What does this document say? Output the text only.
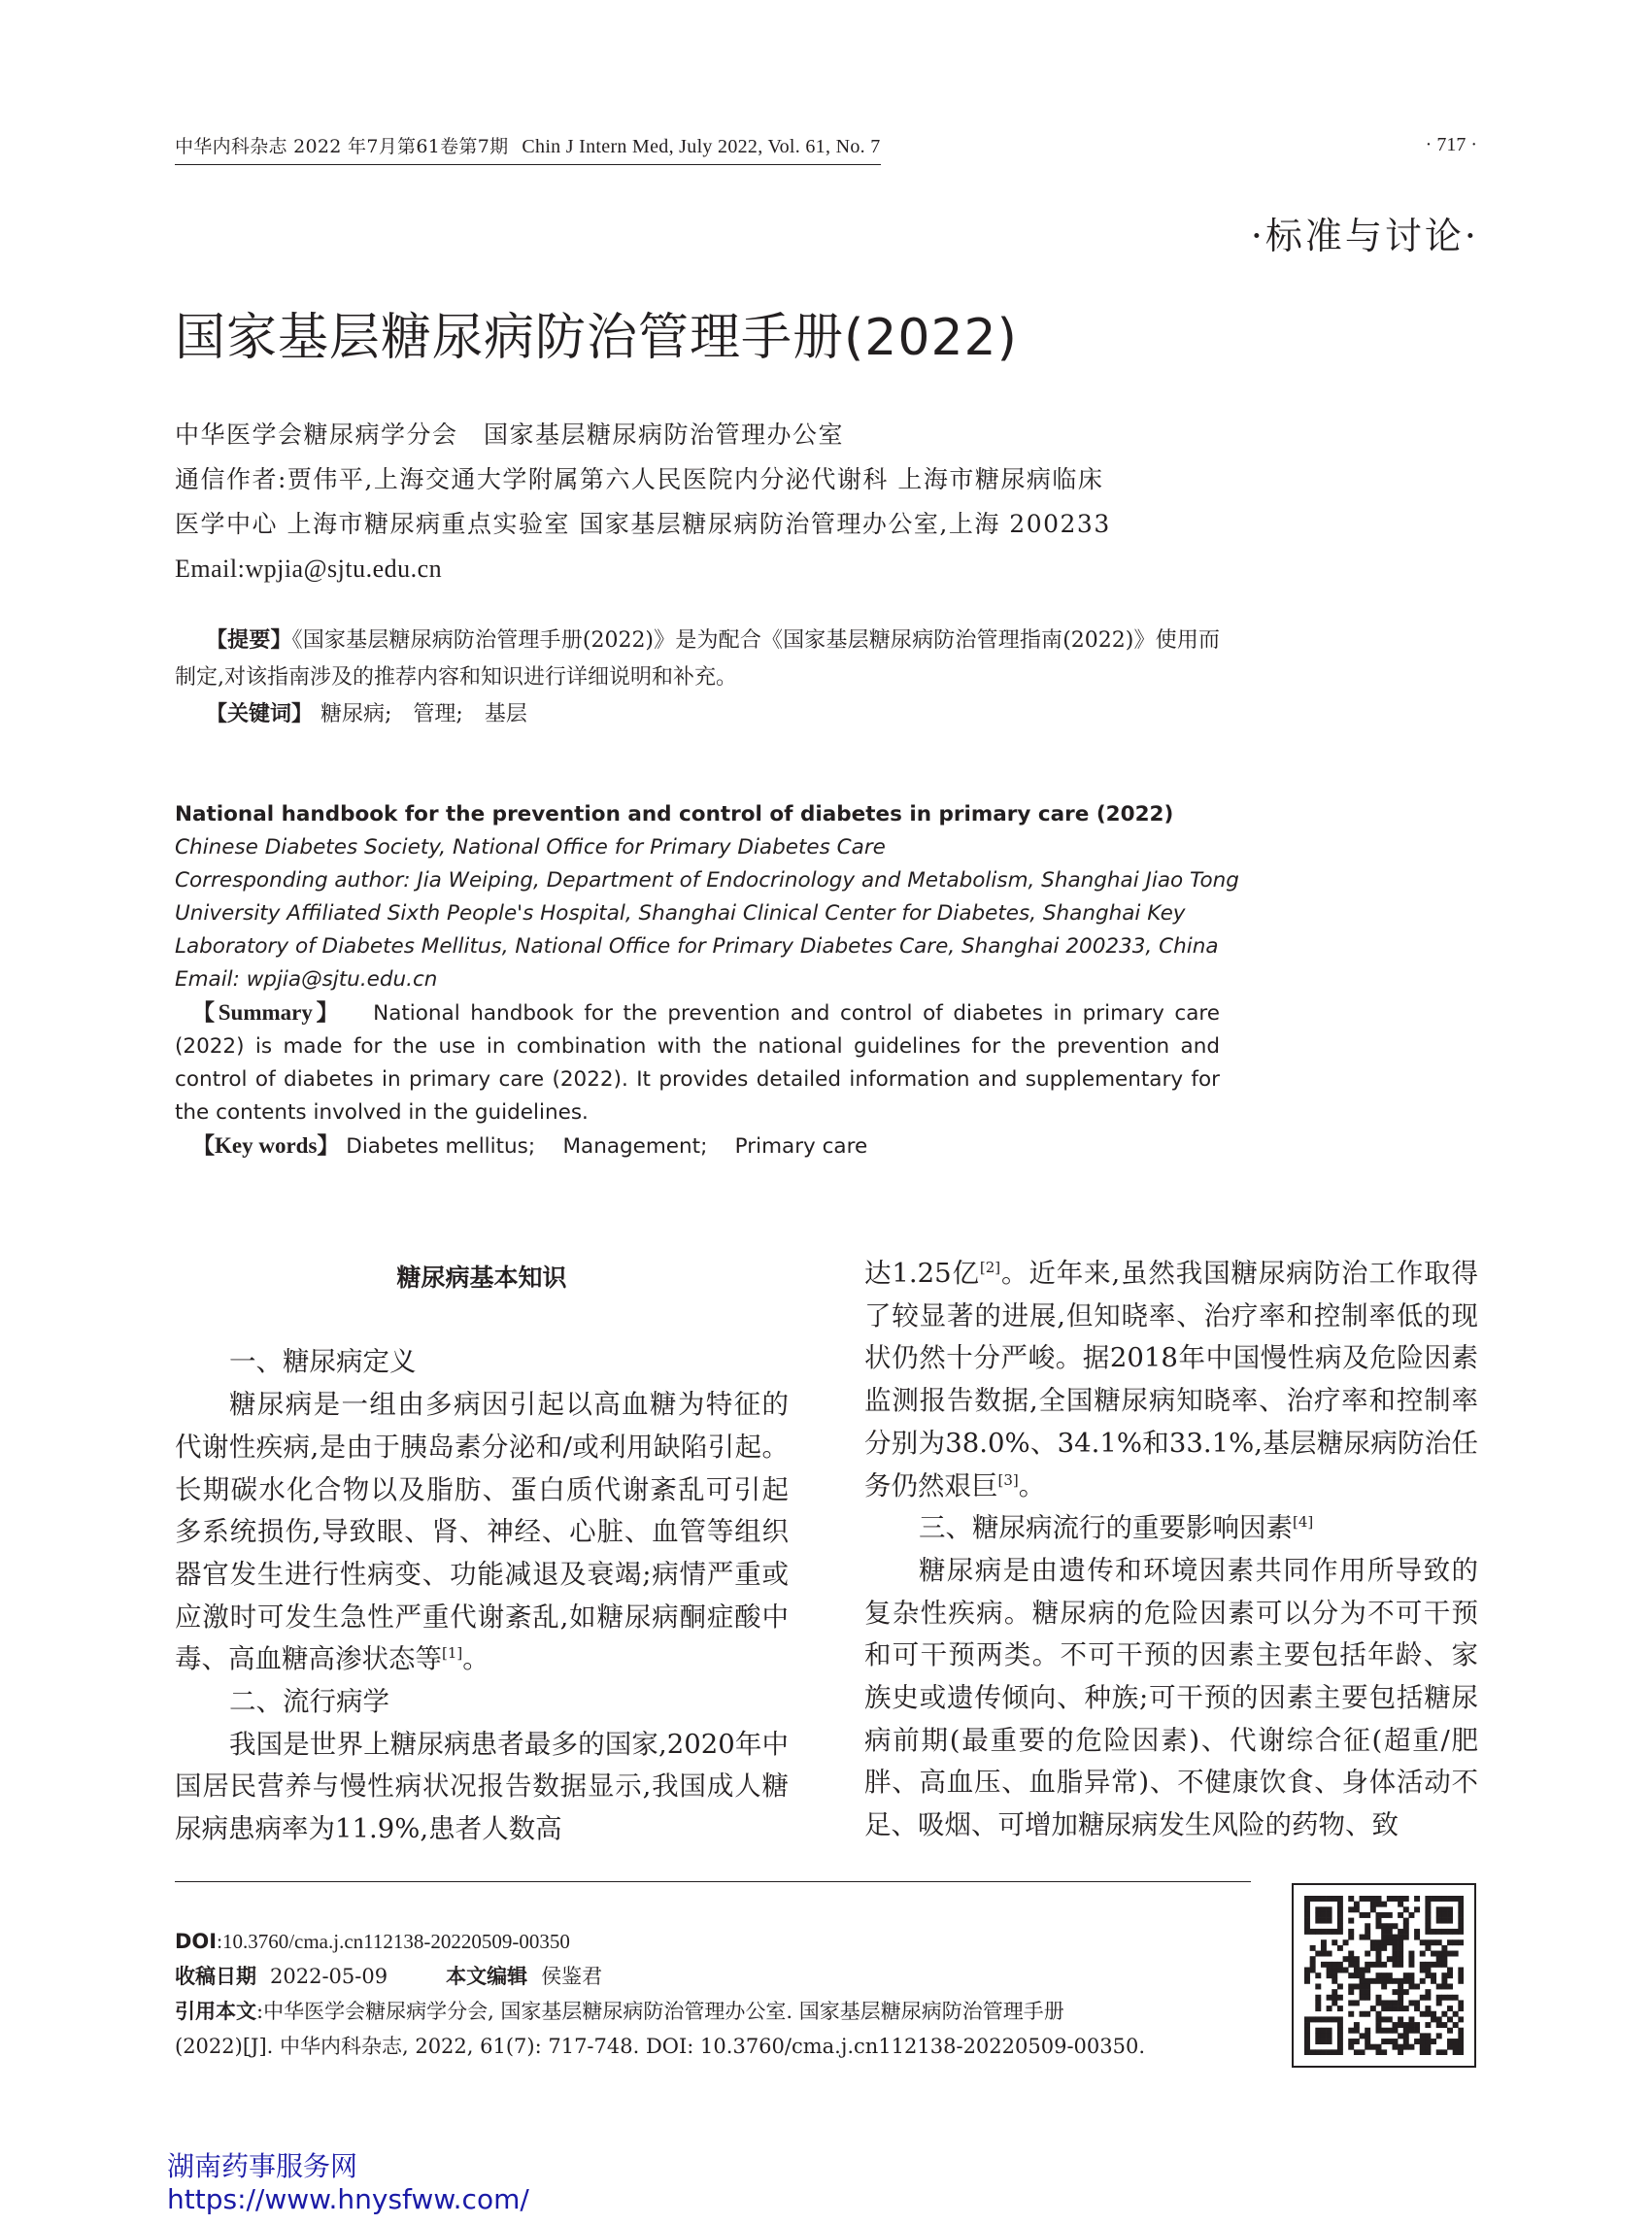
中华内科杂志 2022 年7月第61卷第7期 Chin J Intern Med, July 2022, Vol. 61, No. 7	· 717 ·
·标准与讨论·
国家基层糖尿病防治管理手册(2022)
中华医学会糖尿病学分会　国家基层糖尿病防治管理办公室
通信作者:贾伟平,上海交通大学附属第六人民医院内分泌代谢科 上海市糖尿病临床
医学中心 上海市糖尿病重点实验室 国家基层糖尿病防治管理办公室,上海 200233
Email:wpjia@sjtu.edu.cn
【提要】《国家基层糖尿病防治管理手册(2022)》是为配合《国家基层糖尿病防治管理指南(2022)》使用而制定,对该指南涉及的推荐内容和知识进行详细说明和补充。
【关键词】 糖尿病;　管理;　基层
National handbook for the prevention and control of diabetes in primary care (2022)
Chinese Diabetes Society, National Office for Primary Diabetes Care
Corresponding author: Jia Weiping, Department of Endocrinology and Metabolism, Shanghai Jiao Tong
University Affiliated Sixth People's Hospital, Shanghai Clinical Center for Diabetes, Shanghai Key
Laboratory of Diabetes Mellitus, National Office for Primary Diabetes Care, Shanghai 200233, China
Email: wpjia@sjtu.edu.cn
【Summary】 National handbook for the prevention and control of diabetes in primary care (2022) is made for the use in combination with the national guidelines for the prevention and control of diabetes in primary care (2022). It provides detailed information and supplementary for the contents involved in the guidelines.
【Key words】 Diabetes mellitus;　 Management;　 Primary care

糖尿病基本知识

一、糖尿病定义

糖尿病是一组由多病因引起以高血糖为特征的代谢性疾病,是由于胰岛素分泌和/或利用缺陷引起。长期碳水化合物以及脂肪、蛋白质代谢紊乱可引起多系统损伤,导致眼、肾、神经、心脏、血管等组织器官发生进行性病变、功能减退及衰竭;病情严重或应激时可发生急性严重代谢紊乱,如糖尿病酮症酸中毒、高血糖高渗状态等[1]。

二、流行病学

我国是世界上糖尿病患者最多的国家,2020年中国居民营养与慢性病状况报告数据显示,我国成人糖尿病患病率为11.9%,患者人数高

达1.25亿[2]。近年来,虽然我国糖尿病防治工作取得了较显著的进展,但知晓率、治疗率和控制率低的现状仍然十分严峻。据2018年中国慢性病及危险因素监测报告数据,全国糖尿病知晓率、治疗率和控制率分别为38.0%、34.1%和33.1%,基层糖尿病防治任务仍然艰巨[3]。

三、糖尿病流行的重要影响因素[4]

糖尿病是由遗传和环境因素共同作用所导致的复杂性疾病。糖尿病的危险因素可以分为不可干预和可干预两类。不可干预的因素主要包括年龄、家族史或遗传倾向、种族;可干预的因素主要包括糖尿病前期(最重要的危险因素)、代谢综合征(超重/肥胖、高血压、血脂异常)、不健康饮食、身体活动不足、吸烟、可增加糖尿病发生风险的药物、致

DOI:10.3760/cma.j.cn112138-20220509-00350
收稿日期 2022-05-09	本文编辑 侯鉴君
引用本文:中华医学会糖尿病学分会, 国家基层糖尿病防治管理办公室. 国家基层糖尿病防治管理手册
(2022)[J]. 中华内科杂志, 2022, 61(7): 717-748. DOI: 10.3760/cma.j.cn112138-20220509-00350.
湖南药事服务网
https://www.hnysfww.com/
